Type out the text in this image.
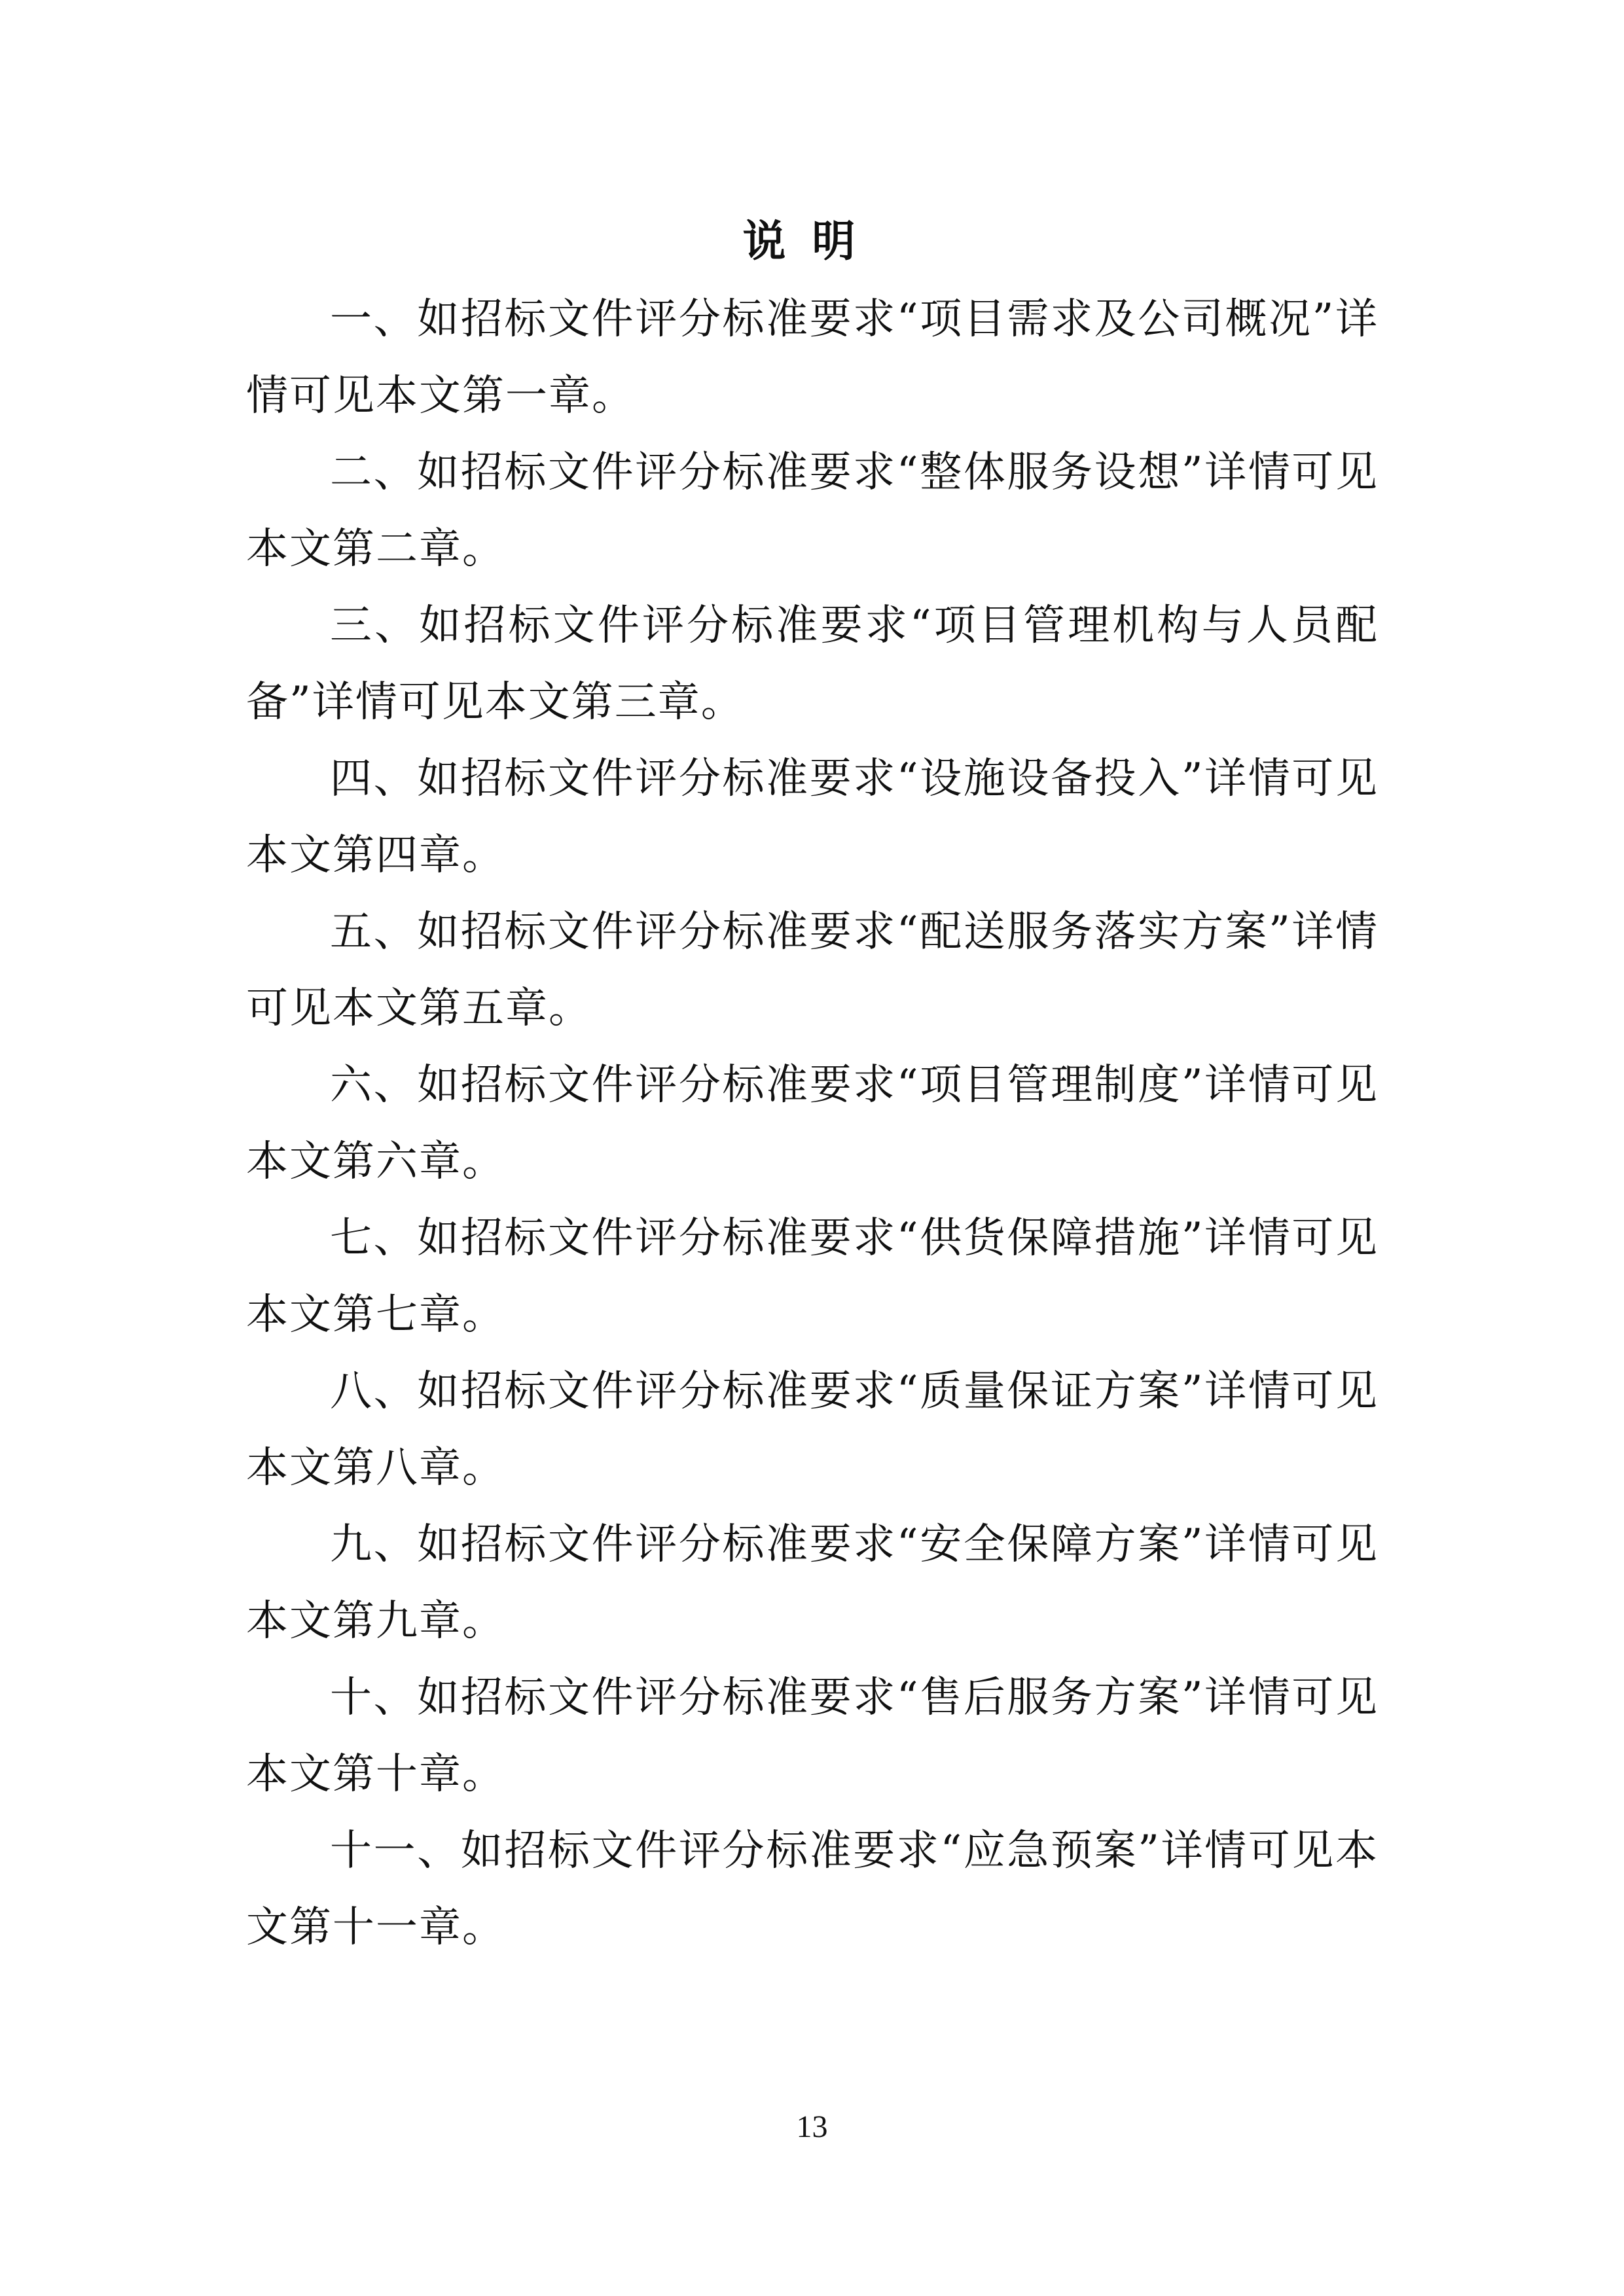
说明

一、如招标文件评分标准要求“项目需求及公司概况”详情可见本文第一章。

二、如招标文件评分标准要求“整体服务设想”详情可见本文第二章。

三、如招标文件评分标准要求“项目管理机构与人员配备”详情可见本文第三章。

四、如招标文件评分标准要求“设施设备投入”详情可见本文第四章。

五、如招标文件评分标准要求“配送服务落实方案”详情可见本文第五章。

六、如招标文件评分标准要求“项目管理制度”详情可见本文第六章。

七、如招标文件评分标准要求“供货保障措施”详情可见本文第七章。

八、如招标文件评分标准要求“质量保证方案”详情可见本文第八章。

九、如招标文件评分标准要求“安全保障方案”详情可见本文第九章。

十、如招标文件评分标准要求“售后服务方案”详情可见本文第十章。

十一、如招标文件评分标准要求“应急预案”详情可见本文第十一章。

13
